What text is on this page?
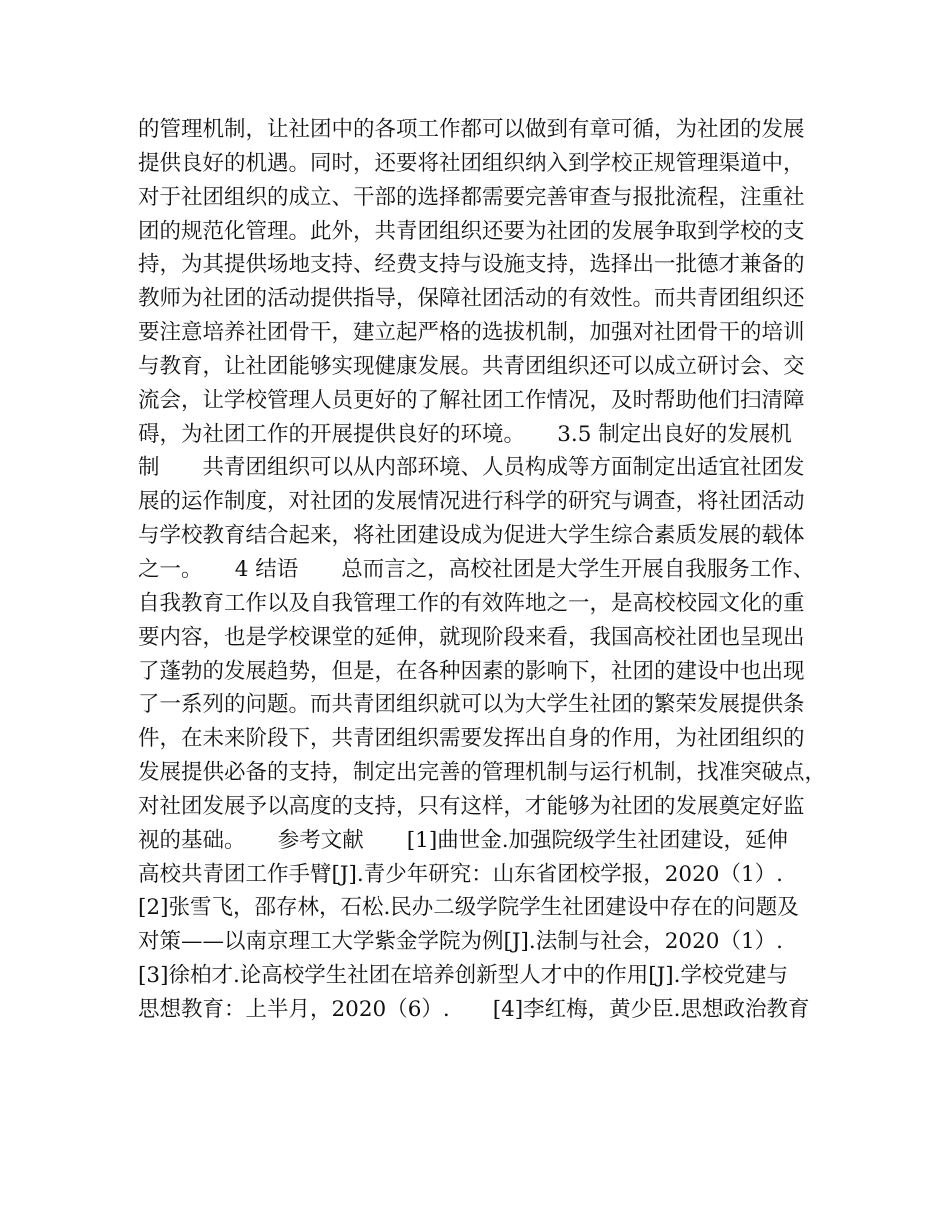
的管理机制，让社团中的各项工作都可以做到有章可循，为社团的发展
提供良好的机遇。同时，还要将社团组织纳入到学校正规管理渠道中，
对于社团组织的成立、干部的选择都需要完善审查与报批流程，注重社
团的规范化管理。此外，共青团组织还要为社团的发展争取到学校的支
持，为其提供场地支持、经费支持与设施支持，选择出一批德才兼备的
教师为社团的活动提供指导，保障社团活动的有效性。而共青团组织还
要注意培养社团骨干，建立起严格的选拔机制，加强对社团骨干的培训
与教育，让社团能够实现健康发展。共青团组织还可以成立研讨会、交
流会，让学校管理人员更好的了解社团工作情况，及时帮助他们扫清障
碍，为社团工作的开展提供良好的环境。　　3.5 制定出良好的发展机
制　　共青团组织可以从内部环境、人员构成等方面制定出适宜社团发
展的运作制度，对社团的发展情况进行科学的研究与调查，将社团活动
与学校教育结合起来，将社团建设成为促进大学生综合素质发展的载体
之一。　　4 结语　　总而言之，高校社团是大学生开展自我服务工作、
自我教育工作以及自我管理工作的有效阵地之一，是高校校园文化的重
要内容，也是学校课堂的延伸，就现阶段来看，我国高校社团也呈现出
了蓬勃的发展趋势，但是，在各种因素的影响下，社团的建设中也出现
了一系列的问题。而共青团组织就可以为大学生社团的繁荣发展提供条
件，在未来阶段下，共青团组织需要发挥出自身的作用，为社团组织的
发展提供必备的支持，制定出完善的管理机制与运行机制，找准突破点，
对社团发展予以高度的支持，只有这样，才能够为社团的发展奠定好监
视的基础。　　参考文献　　[1]曲世金.加强院级学生社团建设，延伸
高校共青团工作手臂[J].青少年研究：山东省团校学报，2020（1）.
[2]张雪飞，邵存林，石松.民办二级学院学生社团建设中存在的问题及
对策——以南京理工大学紫金学院为例[J].法制与社会，2020（1）.
[3]徐柏才.论高校学生社团在培养创新型人才中的作用[J].学校党建与
思想教育：上半月，2020（6）.　　[4]李红梅，黄少臣.思想政治教育
